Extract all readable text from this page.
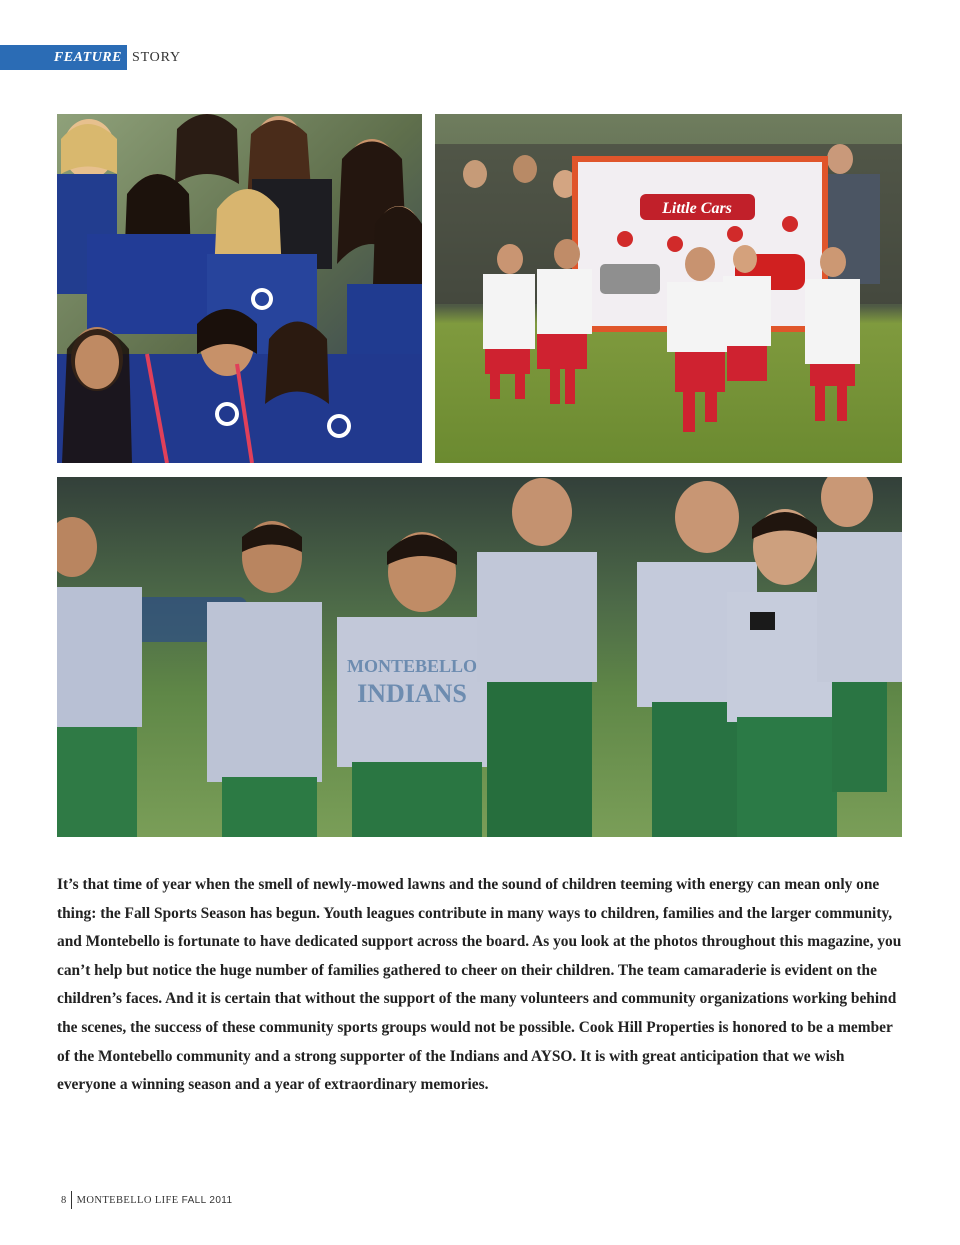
FEATURE STORY
Little Cars
MONTEBELLO
INDIANS

It’s that time of year when the smell of newly-mowed lawns and the sound of children teeming with energy can mean only one thing: the Fall Sports Season has begun. Youth leagues contribute in many ways to children, families and the larger community, and Montebello is fortunate to have dedicated support across the board. As you look at the photos throughout this magazine, you can’t help but notice the huge number of families gathered to cheer on their children. The team camaraderie is evident on the children’s faces. And it is certain that without the support of the many volunteers and community organizations working behind the scenes, the success of these community sports groups would not be possible. Cook Hill Properties is honored to be a member of the Montebello community and a strong supporter of the Indians and AYSO. It is with great anticipation that we wish everyone a winning season and a year of extraordinary memories.

8 MONTEBELLO LIFE FALL 2011
